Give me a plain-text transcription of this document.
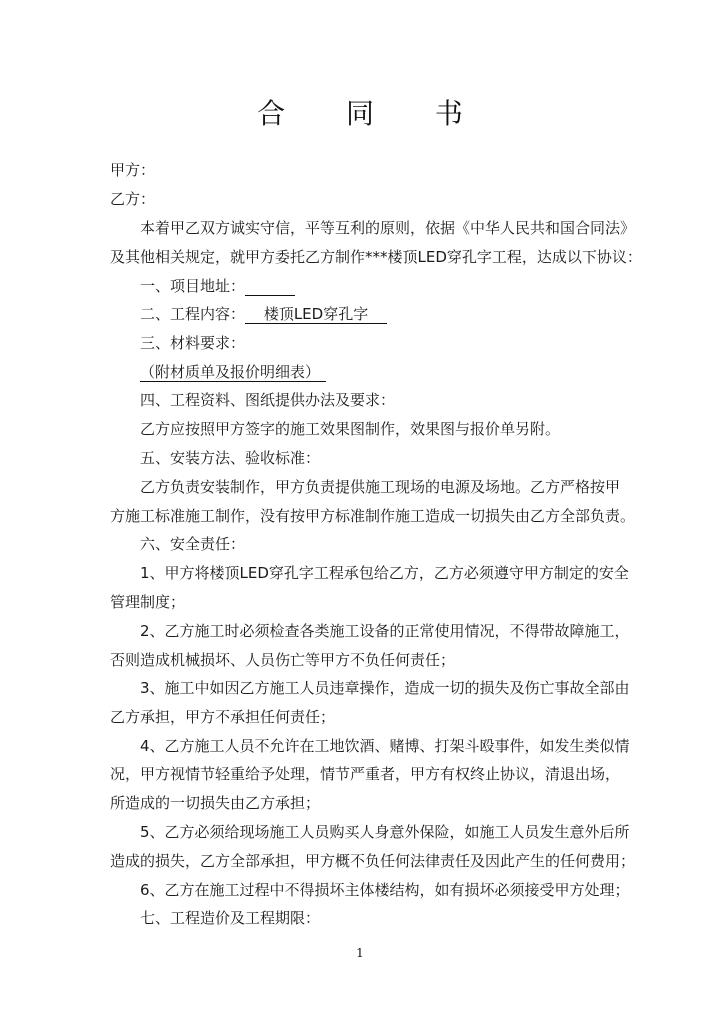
合 同 书
甲方：
乙方：
本着甲乙双方诚实守信，平等互利的原则，依据《中华人民共和国合同法》
及其他相关规定，就甲方委托乙方制作***楼顶LED穿孔字工程，达成以下协议：
一、项目地址：
二、工程内容： 楼顶LED穿孔字
三、材料要求：
（附材质单及报价明细表）
四、工程资料、图纸提供办法及要求：
乙方应按照甲方签字的施工效果图制作，效果图与报价单另附。
五、安装方法、验收标准：
乙方负责安装制作，甲方负责提供施工现场的电源及场地。乙方严格按甲
方施工标准施工制作，没有按甲方标准制作施工造成一切损失由乙方全部负责。
六、安全责任：
1、甲方将楼顶LED穿孔字工程承包给乙方，乙方必须遵守甲方制定的安全
管理制度；
2、乙方施工时必须检查各类施工设备的正常使用情况，不得带故障施工，
否则造成机械损坏、人员伤亡等甲方不负任何责任；
3、施工中如因乙方施工人员违章操作，造成一切的损失及伤亡事故全部由
乙方承担，甲方不承担任何责任；
4、乙方施工人员不允许在工地饮酒、赌博、打架斗殴事件，如发生类似情
况，甲方视情节轻重给予处理，情节严重者，甲方有权终止协议，清退出场，
所造成的一切损失由乙方承担；
5、乙方必须给现场施工人员购买人身意外保险，如施工人员发生意外后所
造成的损失，乙方全部承担，甲方概不负任何法律责任及因此产生的任何费用；
6、乙方在施工过程中不得损坏主体楼结构，如有损坏必须接受甲方处理；
七、工程造价及工程期限：
1
